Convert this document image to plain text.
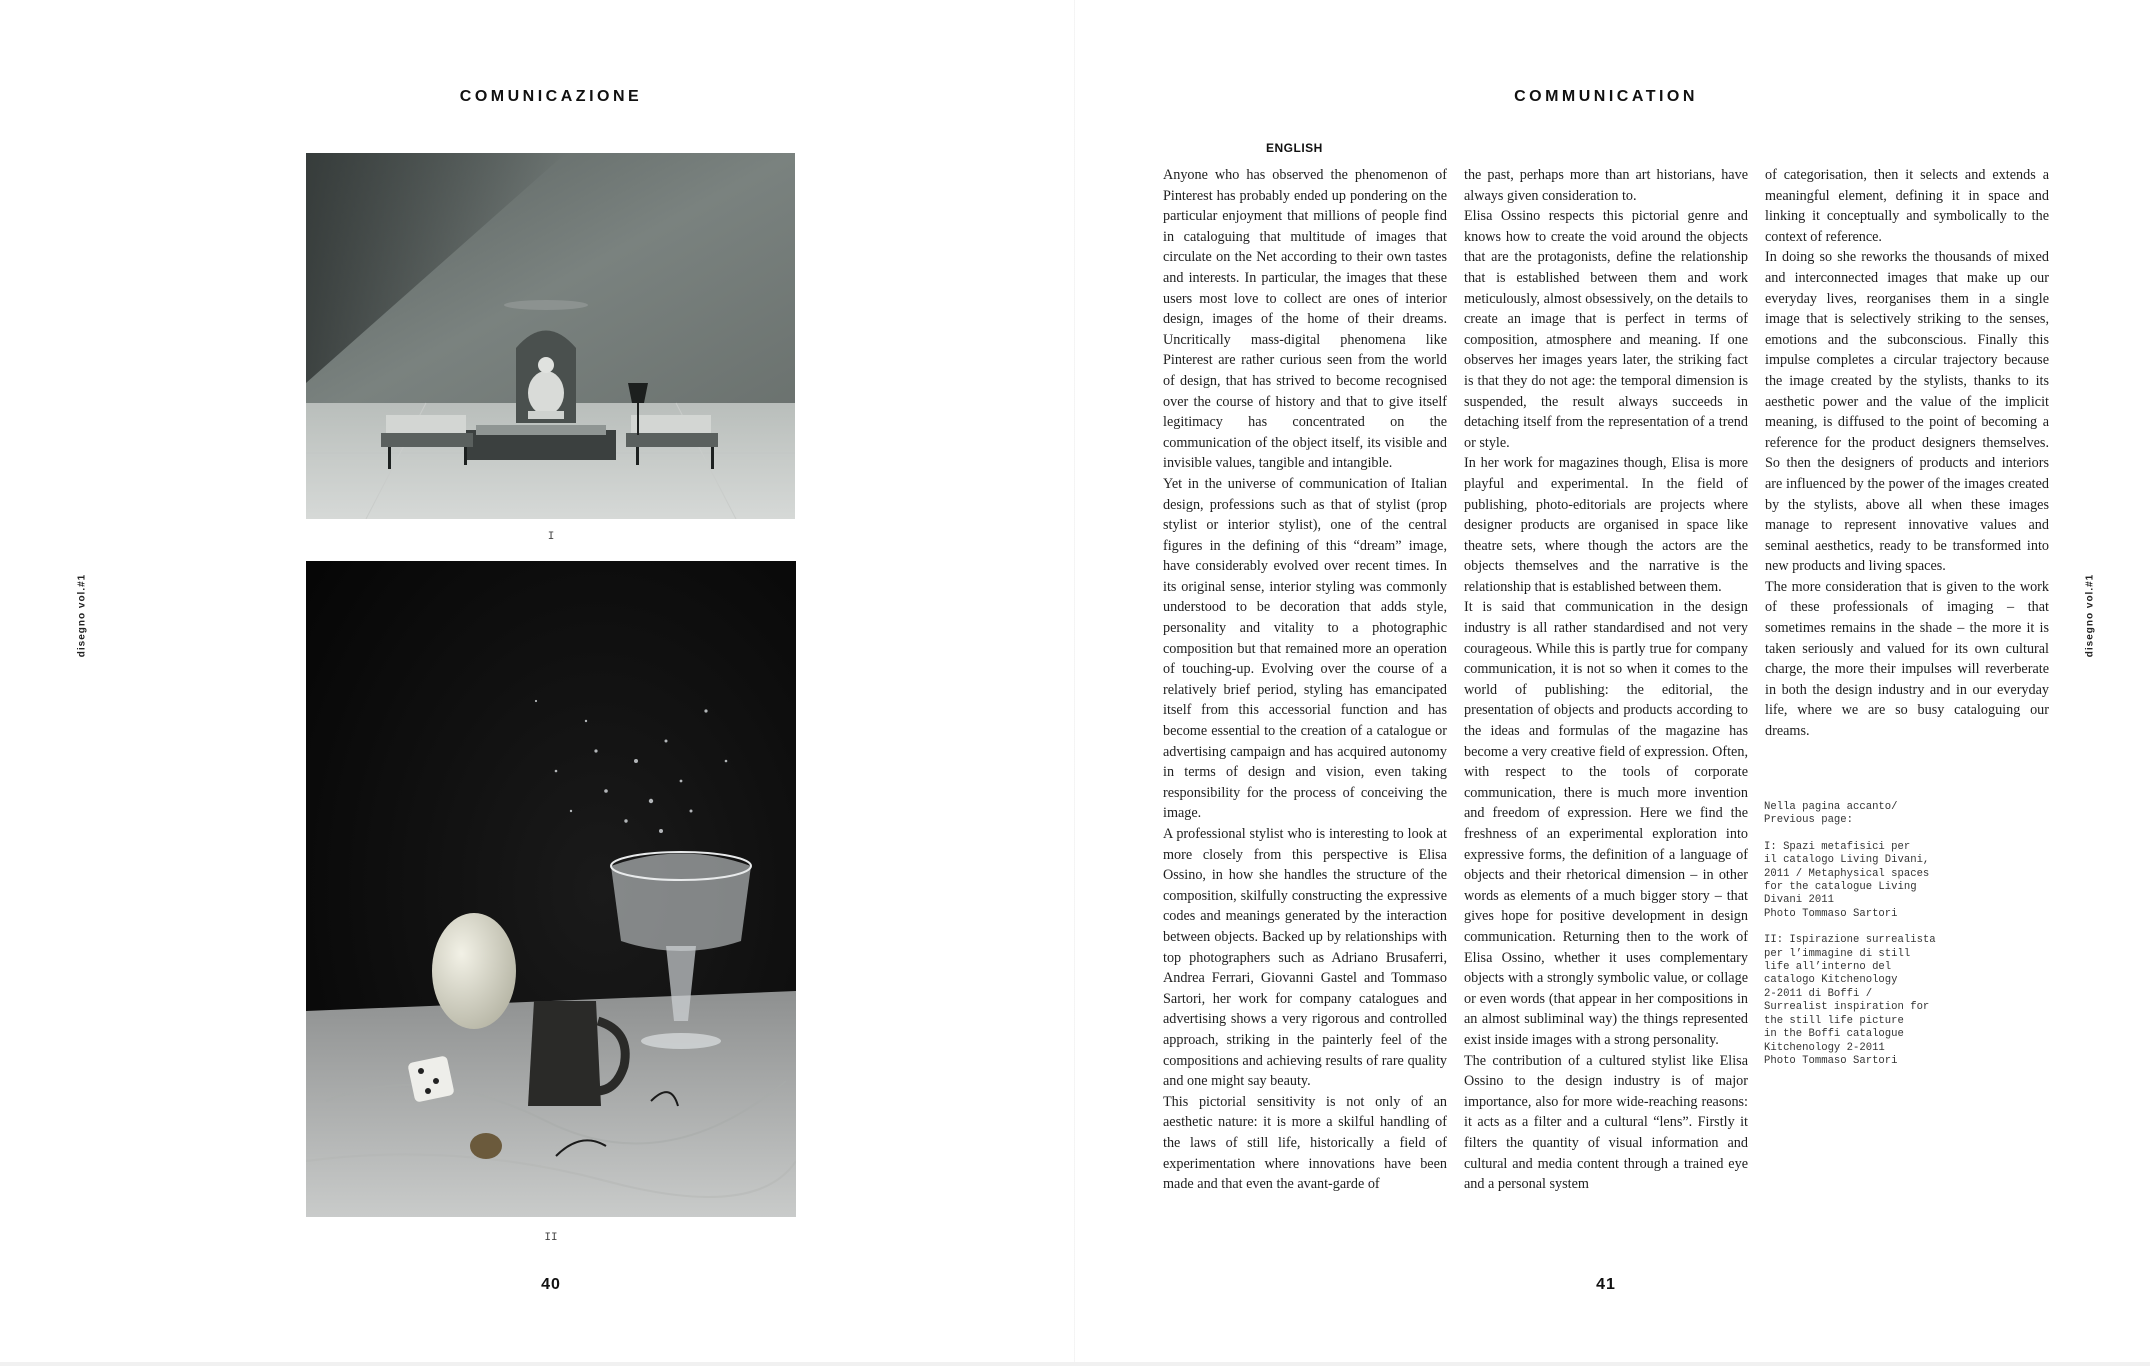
COMUNICAZIONE
disegno vol.#1
I
II
40
COMMUNICATION
disegno vol.#1
41
ENGLISH

Anyone who has observed the phenomenon of Pinterest has probably ended up pondering on the particular enjoyment that millions of people find in cataloguing that multitude of images that circulate on the Net according to their own tastes and interests. In particular, the images that these users most love to collect are ones of interior design, images of the home of their dreams. Uncritically mass-digital phenomena like Pinterest are rather curious seen from the world of design, that has strived to become recognised over the course of history and that to give itself legitimacy has concentrated on the communication of the object itself, its visible and invisible values, tangible and intangible.

Yet in the universe of communication of Italian design, professions such as that of stylist (prop stylist or interior stylist), one of the central figures in the defining of this “dream” image, have considerably evolved over recent times. In its original sense, interior styling was commonly understood to be decoration that adds style, personality and vitality to a photographic composition but that remained more an operation of touching-up. Evolving over the course of a relatively brief period, styling has emancipated itself from this accessorial function and has become essential to the creation of a catalogue or advertising campaign and has acquired autonomy in terms of design and vision, even taking responsibility for the process of conceiving the image.

A professional stylist who is interesting to look at more closely from this perspective is Elisa Ossino, in how she handles the structure of the composition, skilfully constructing the expressive codes and meanings generated by the interaction between objects. Backed up by relationships with top photographers such as Adriano Brusaferri, Andrea Ferrari, Giovanni Gastel and Tommaso Sartori, her work for company catalogues and advertising shows a very rigorous and controlled approach, striking in the painterly feel of the compositions and achieving results of rare quality and one might say beauty.

This pictorial sensitivity is not only of an aesthetic nature: it is more a skilful handling of the laws of still life, historically a field of experimentation where innovations have been made and that even the avant-garde of

the past, perhaps more than art historians, have always given consideration to.

Elisa Ossino respects this pictorial genre and knows how to create the void around the objects that are the protagonists, define the relationship that is established between them and work meticulously, almost obsessively, on the details to create an image that is perfect in terms of composition, atmosphere and meaning. If one observes her images years later, the striking fact is that they do not age: the temporal dimension is suspended, the result always succeeds in detaching itself from the representation of a trend or style.

In her work for magazines though, Elisa is more playful and experimental. In the field of publishing, photo-editorials are projects where designer products are organised in space like theatre sets, where though the actors are the objects themselves and the narrative is the relationship that is established between them.

It is said that communication in the design industry is all rather standardised and not very courageous. While this is partly true for company communication, it is not so when it comes to the world of publishing: the editorial, the presentation of objects and products according to the ideas and formulas of the magazine has become a very creative field of expression. Often, with respect to the tools of corporate communication, there is much more invention and freedom of expression. Here we find the freshness of an experimental exploration into expressive forms, the definition of a language of objects and their rhetorical dimension – in other words as elements of a much bigger story – that gives hope for positive development in design communication. Returning then to the work of Elisa Ossino, whether it uses complementary objects with a strongly symbolic value, or collage or even words (that appear in her compositions in an almost subliminal way) the things represented exist inside images with a strong personality.

The contribution of a cultured stylist like Elisa Ossino to the design industry is of major importance, also for more wide-reaching reasons: it acts as a filter and a cultural “lens”. Firstly it filters the quantity of visual information and cultural and media content through a trained eye and a personal system

of categorisation, then it selects and extends a meaningful element, defining it in space and linking it conceptually and symbolically to the context of reference.

In doing so she reworks the thousands of mixed and interconnected images that make up our everyday lives, reorganises them in a single image that is selectively striking to the senses, emotions and the subconscious. Finally this impulse completes a circular trajectory because the image created by the stylists, thanks to its aesthetic power and the value of the implicit meaning, is diffused to the point of becoming a reference for the product designers themselves. So then the designers of products and interiors are influenced by the power of the images created by the stylists, above all when these images manage to represent innovative values and seminal aesthetics, ready to be transformed into new products and living spaces.

The more consideration that is given to the work of these professionals of imaging – that sometimes remains in the shade – the more it is taken seriously and valued for its own cultural charge, the more their impulses will reverberate in both the design industry and in our everyday life, where we are so busy cataloguing our dreams.

Nella pagina accanto/
Previous page:

I: Spazi metafisici per
il catalogo Living Divani,
2011 / Metaphysical spaces
for the catalogue Living
Divani 2011
Photo Tommaso Sartori

II: Ispirazione surrealista
per l’immagine di still
life all’interno del
catalogo Kitchenology
2-2011 di Boffi /
Surrealist inspiration for
the still life picture
in the Boffi catalogue
Kitchenology 2-2011
Photo Tommaso Sartori
